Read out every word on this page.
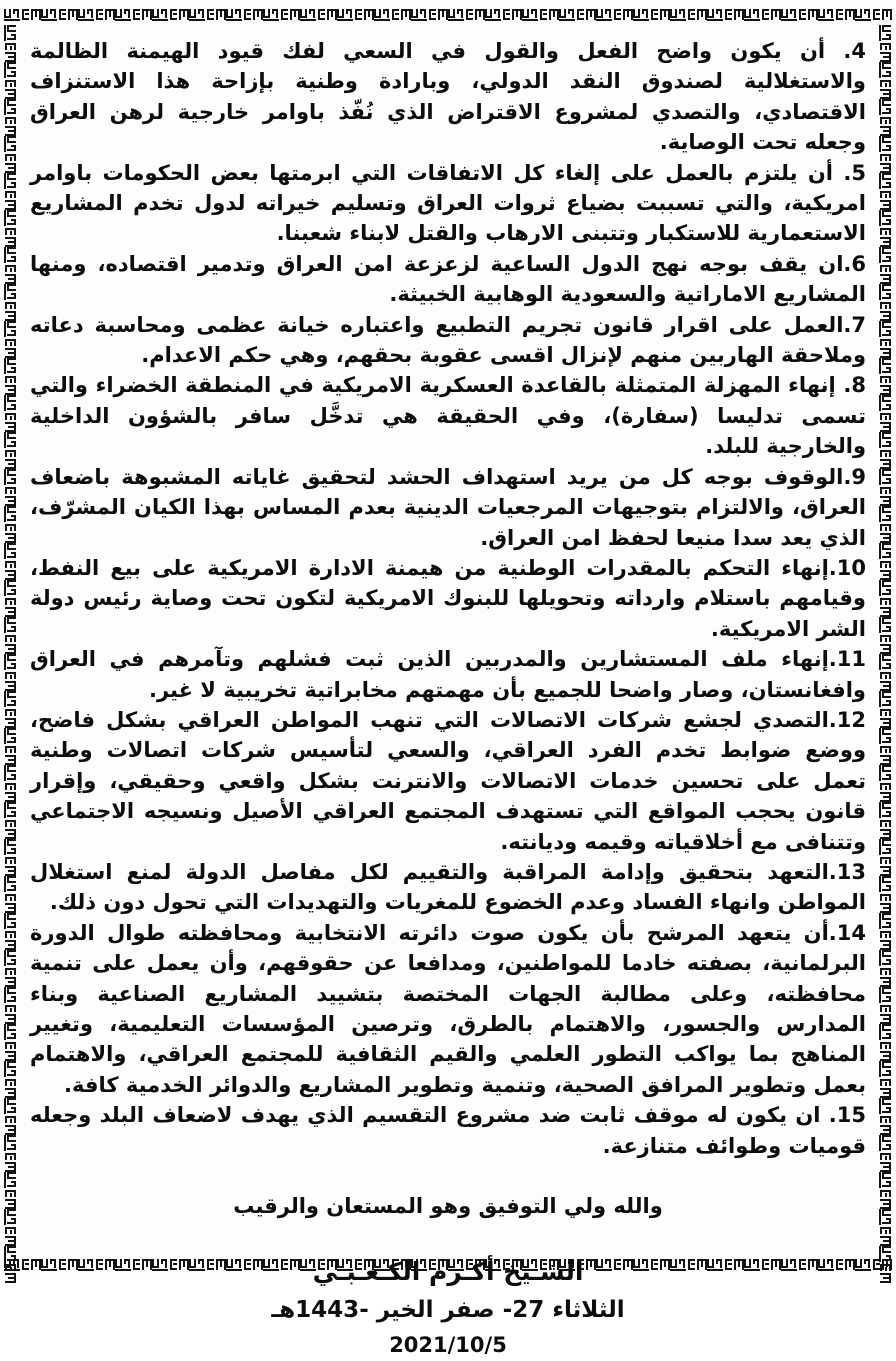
4. أن يكون واضح الفعل والقول في السعي لفك قيود الهيمنة الظالمة والاستغلالية لصندوق النقد الدولي، وبارادة وطنية بإزاحة هذا الاستنزاف الاقتصادي، والتصدي لمشروع الاقتراض الذي نُفّذ باوامر خارجية لرهن العراق وجعله تحت الوصاية.

5. أن يلتزم بالعمل على إلغاء كل الاتفاقات التي ابرمتها بعض الحكومات باوامر امريكية، والتي تسببت بضياع ثروات العراق وتسليم خيراته لدول تخدم المشاريع الاستعمارية للاستكبار وتتبنى الارهاب والقتل لابناء شعبنا.

6.ان يقف بوجه نهج الدول الساعية لزعزعة امن العراق وتدمير اقتصاده، ومنها المشاريع الاماراتية والسعودية الوهابية الخبيثة.

7.العمل على اقرار قانون تجريم التطبيع واعتباره خيانة عظمى ومحاسبة دعاته وملاحقة الهاربين منهم لإنزال اقسى عقوبة بحقهم، وهي حكم الاعدام.

8. إنهاء المهزلة المتمثلة بالقاعدة العسكرية الامريكية في المنطقة الخضراء والتي تسمى تدليسا (سفارة)، وفي الحقيقة هي تدخَّل سافر بالشؤون الداخلية والخارجية للبلد.

9.الوقوف بوجه كل من يريد استهداف الحشد لتحقيق غاياته المشبوهة باضعاف العراق، والالتزام بتوجيهات المرجعيات الدينية بعدم المساس بهذا الكيان المشرّف، الذي يعد سدا منيعا لحفظ امن العراق.

10.إنهاء التحكم بالمقدرات الوطنية من هيمنة الادارة الامريكية على بيع النفط، وقيامهم باستلام وارداته وتحويلها للبنوك الامريكية لتكون تحت وصاية رئيس دولة الشر الامريكية.

11.إنهاء ملف المستشارين والمدربين الذين ثبت فشلهم وتآمرهم في العراق وافغانستان، وصار واضحا للجميع بأن مهمتهم مخابراتية تخريبية لا غير.

12.التصدي لجشع شركات الاتصالات التي تنهب المواطن العراقي بشكل فاضح، ووضع ضوابط تخدم الفرد العراقي، والسعي لتأسيس شركات اتصالات وطنية تعمل على تحسين خدمات الاتصالات والانترنت بشكل واقعي وحقيقي، وإقرار قانون يحجب المواقع التي تستهدف المجتمع العراقي الأصيل ونسيجه الاجتماعي وتتنافى مع أخلاقياته وقيمه وديانته.

13.التعهد بتحقيق وإدامة المراقبة والتقييم لكل مفاصل الدولة لمنع استغلال المواطن وانهاء الفساد وعدم الخضوع للمغريات والتهديدات التي تحول دون ذلك.

14.أن يتعهد المرشح بأن يكون صوت دائرته الانتخابية ومحافظته طوال الدورة البرلمانية، بصفته خادما للمواطنين، ومدافعا عن حقوقهم، وأن يعمل على تنمية محافظته، وعلى مطالبة الجهات المختصة بتشييد المشاريع الصناعية وبناء المدارس والجسور، والاهتمام بالطرق، وترصين المؤسسات التعليمية، وتغيير المناهج بما يواكب التطور العلمي والقيم الثقافية للمجتمع العراقي، والاهتمام بعمل وتطوير المرافق الصحية، وتنمية وتطوير المشاريع والدوائر الخدمية كافة.

15. ان يكون له موقف ثابت ضد مشروع التقسيم الذي يهدف لاضعاف البلد وجعله قوميات وطوائف متنازعة.

والله ولي التوفيق وهو المستعان والرقيب

الشـيخ أكـرم الكـعـبـي

الثلاثاء 27- صفر الخير -1443هـ

2021/10/5
